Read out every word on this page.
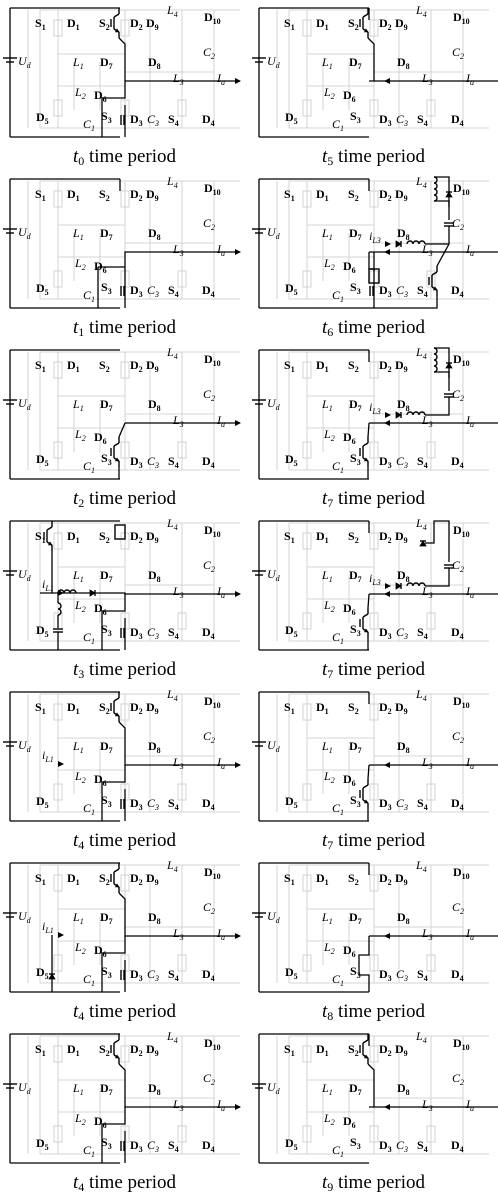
$U_d$
$S_1$ $D_1$ $S_2$ $D_2$ $D_9$
$L_4$ $D_{10}$
$C_2$
$L_1$ $D_7$	$D_8$
$L_3$	$I_a$
$L_2$ $D_6$
$D_5$	$C_1$
$S_3$ $D_3$ $C_3$ $S_4$ $D_4$
$t_0$ time period
$U_d$
$S_1$ $D_1$ $S_2$ $D_2$ $D_9$
$L_4$ $D_{10}$
$C_2$
$L_1$ $D_7$	$D_8$
$L_3$	$I_a$
$L_2$ $D_6$
$D_5$	$C_1$
$S_3$ $D_3$ $C_3$ $S_4$ $D_4$
$t_5$ time period
$U_d$
$S_1$ $D_1$ $S_2$ $D_2$ $D_9$
$L_4$ $D_{10}$
$C_2$
$L_1$ $D_7$	$D_8$
$L_3$	$I_a$
$L_2$ $D_6$
$D_5$	$C_1$
$S_3$ $D_3$ $C_3$ $S_4$ $D_4$
$t_1$ time period
$U_d$
$S_1$ $D_1$ $S_2$ $D_2$ $D_9$
$L_4$ $D_{10}$
$C_2$
$L_1$ $D_7$	$D_8$
$L_3$	$I_a$
$L_2$ $D_6$
$D_5$	$C_1$
$S_3$ $D_3$ $C_3$ $S_4$ $D_4$
$i_{L3}$
$t_6$ time period
$U_d$
$S_1$ $D_1$ $S_2$ $D_2$ $D_9$
$L_4$ $D_{10}$
$C_2$
$L_1$ $D_7$	$D_8$
$L_3$	$I_a$
$L_2$ $D_6$
$D_5$	$C_1$
$S_3$ $D_3$ $C_3$ $S_4$ $D_4$
$t_2$ time period
$U_d$
$S_1$ $D_1$ $S_2$ $D_2$ $D_9$
$L_4$ $D_{10}$
$C_2$
$L_1$ $D_7$	$D_8$
$L_3$	$I_a$
$L_2$ $D_6$
$D_5$	$C_1$
$S_3$ $D_3$ $C_3$ $S_4$ $D_4$
$i_{L3}$
$t_7$ time period
$U_d$
$S_1$ $D_1$ $S_2$ $D_2$ $D_9$
$L_4$ $D_{10}$
$C_2$
$L_1$ $D_7$	$D_8$
$L_3$	$I_a$
$L_2$ $D_6$
$D_5$	$C_1$
$S_3$ $D_3$ $C_3$ $S_4$ $D_4$
$i_{L1}$
$t_3$ time period
$U_d$
$S_1$ $D_1$ $S_2$ $D_2$ $D_9$
$L_4$ $D_{10}$
$C_2$
$L_1$ $D_7$	$D_8$
$L_3$	$I_a$
$L_2$ $D_6$
$D_5$	$C_1$
$S_3$ $D_3$ $C_3$ $S_4$ $D_4$
$i_{L3}$
$t_7$ time period
$U_d$
$S_1$ $D_1$ $S_2$ $D_2$ $D_9$
$L_4$ $D_{10}$
$C_2$
$L_1$ $D_7$	$D_8$
$L_3$	$I_a$
$L_2$ $D_6$
$D_5$	$C_1$
$S_3$ $D_3$ $C_3$ $S_4$ $D_4$
$i_{L1}$
$t_4$ time period
$U_d$
$S_1$ $D_1$ $S_2$ $D_2$ $D_9$
$L_4$ $D_{10}$
$C_2$
$L_1$ $D_7$	$D_8$
$L_3$	$I_a$
$L_2$ $D_6$
$D_5$	$C_1$
$S_3$ $D_3$ $C_3$ $S_4$ $D_4$
$t_7$ time period
$U_d$
$S_1$ $D_1$ $S_2$ $D_2$ $D_9$
$L_4$ $D_{10}$
$C_2$
$L_1$ $D_7$	$D_8$
$L_3$	$I_a$
$L_2$ $D_6$
$D_5$	$C_1$
$S_3$ $D_3$ $C_3$ $S_4$ $D_4$
$i_{L1}$
$t_4$ time period
$U_d$
$S_1$ $D_1$ $S_2$ $D_2$ $D_9$
$L_4$ $D_{10}$
$C_2$
$L_1$ $D_7$	$D_8$
$L_3$	$I_a$
$L_2$ $D_6$
$D_5$	$C_1$
$S_3$ $D_3$ $C_3$ $S_4$ $D_4$
$t_8$ time period
$U_d$
$S_1$ $D_1$ $S_2$ $D_2$ $D_9$
$L_4$ $D_{10}$
$C_2$
$L_1$ $D_7$	$D_8$
$L_3$	$I_a$
$L_2$ $D_6$
$D_5$	$C_1$
$S_3$ $D_3$ $C_3$ $S_4$ $D_4$
$t_4$ time period
$U_d$
$S_1$ $D_1$ $S_2$ $D_2$ $D_9$
$L_4$ $D_{10}$
$C_2$
$L_1$ $D_7$	$D_8$
$L_3$	$I_a$
$L_2$ $D_6$
$D_5$	$C_1$
$S_3$ $D_3$ $C_3$ $S_4$ $D_4$
$t_9$ time period
